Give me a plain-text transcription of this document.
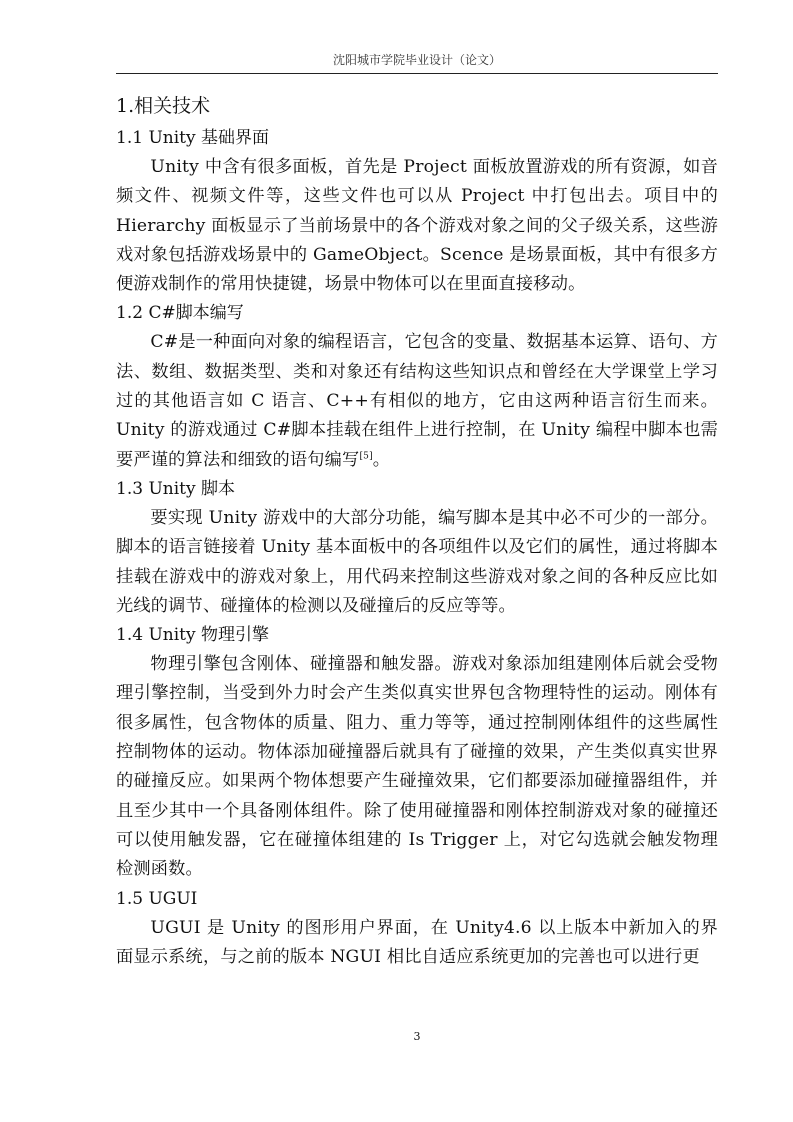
沈阳城市学院毕业设计（论文）
1.相关技术
1.1 Unity 基础界面

Unity 中含有很多面板，首先是 Project 面板放置游戏的所有资源，如音频文件、视频文件等，这些文件也可以从 Project 中打包出去。项目中的 Hierarchy 面板显示了当前场景中的各个游戏对象之间的父子级关系，这些游戏对象包括游戏场景中的 GameObject。Scence 是场景面板，其中有很多方便游戏制作的常用快捷键，场景中物体可以在里面直接移动。

1.2 C#脚本编写

C#是一种面向对象的编程语言，它包含的变量、数据基本运算、语句、方法、数组、数据类型、类和对象还有结构这些知识点和曾经在大学课堂上学习过的其他语言如 C 语言、C++有相似的地方，它由这两种语言衍生而来。Unity 的游戏通过 C#脚本挂载在组件上进行控制，在 Unity 编程中脚本也需要严谨的算法和细致的语句编写[5]。

1.3 Unity 脚本

要实现 Unity 游戏中的大部分功能，编写脚本是其中必不可少的一部分。脚本的语言链接着 Unity 基本面板中的各项组件以及它们的属性，通过将脚本挂载在游戏中的游戏对象上，用代码来控制这些游戏对象之间的各种反应比如光线的调节、碰撞体的检测以及碰撞后的反应等等。

1.4 Unity 物理引擎

物理引擎包含刚体、碰撞器和触发器。游戏对象添加组建刚体后就会受物理引擎控制，当受到外力时会产生类似真实世界包含物理特性的运动。刚体有很多属性，包含物体的质量、阻力、重力等等，通过控制刚体组件的这些属性控制物体的运动。物体添加碰撞器后就具有了碰撞的效果，产生类似真实世界的碰撞反应。如果两个物体想要产生碰撞效果，它们都要添加碰撞器组件，并且至少其中一个具备刚体组件。除了使用碰撞器和刚体控制游戏对象的碰撞还可以使用触发器，它在碰撞体组建的 Is Trigger 上，对它勾选就会触发物理检测函数。

1.5 UGUI

UGUI 是 Unity 的图形用户界面，在 Unity4.6 以上版本中新加入的界面显示系统，与之前的版本 NGUI 相比自适应系统更加的完善也可以进行更

3
